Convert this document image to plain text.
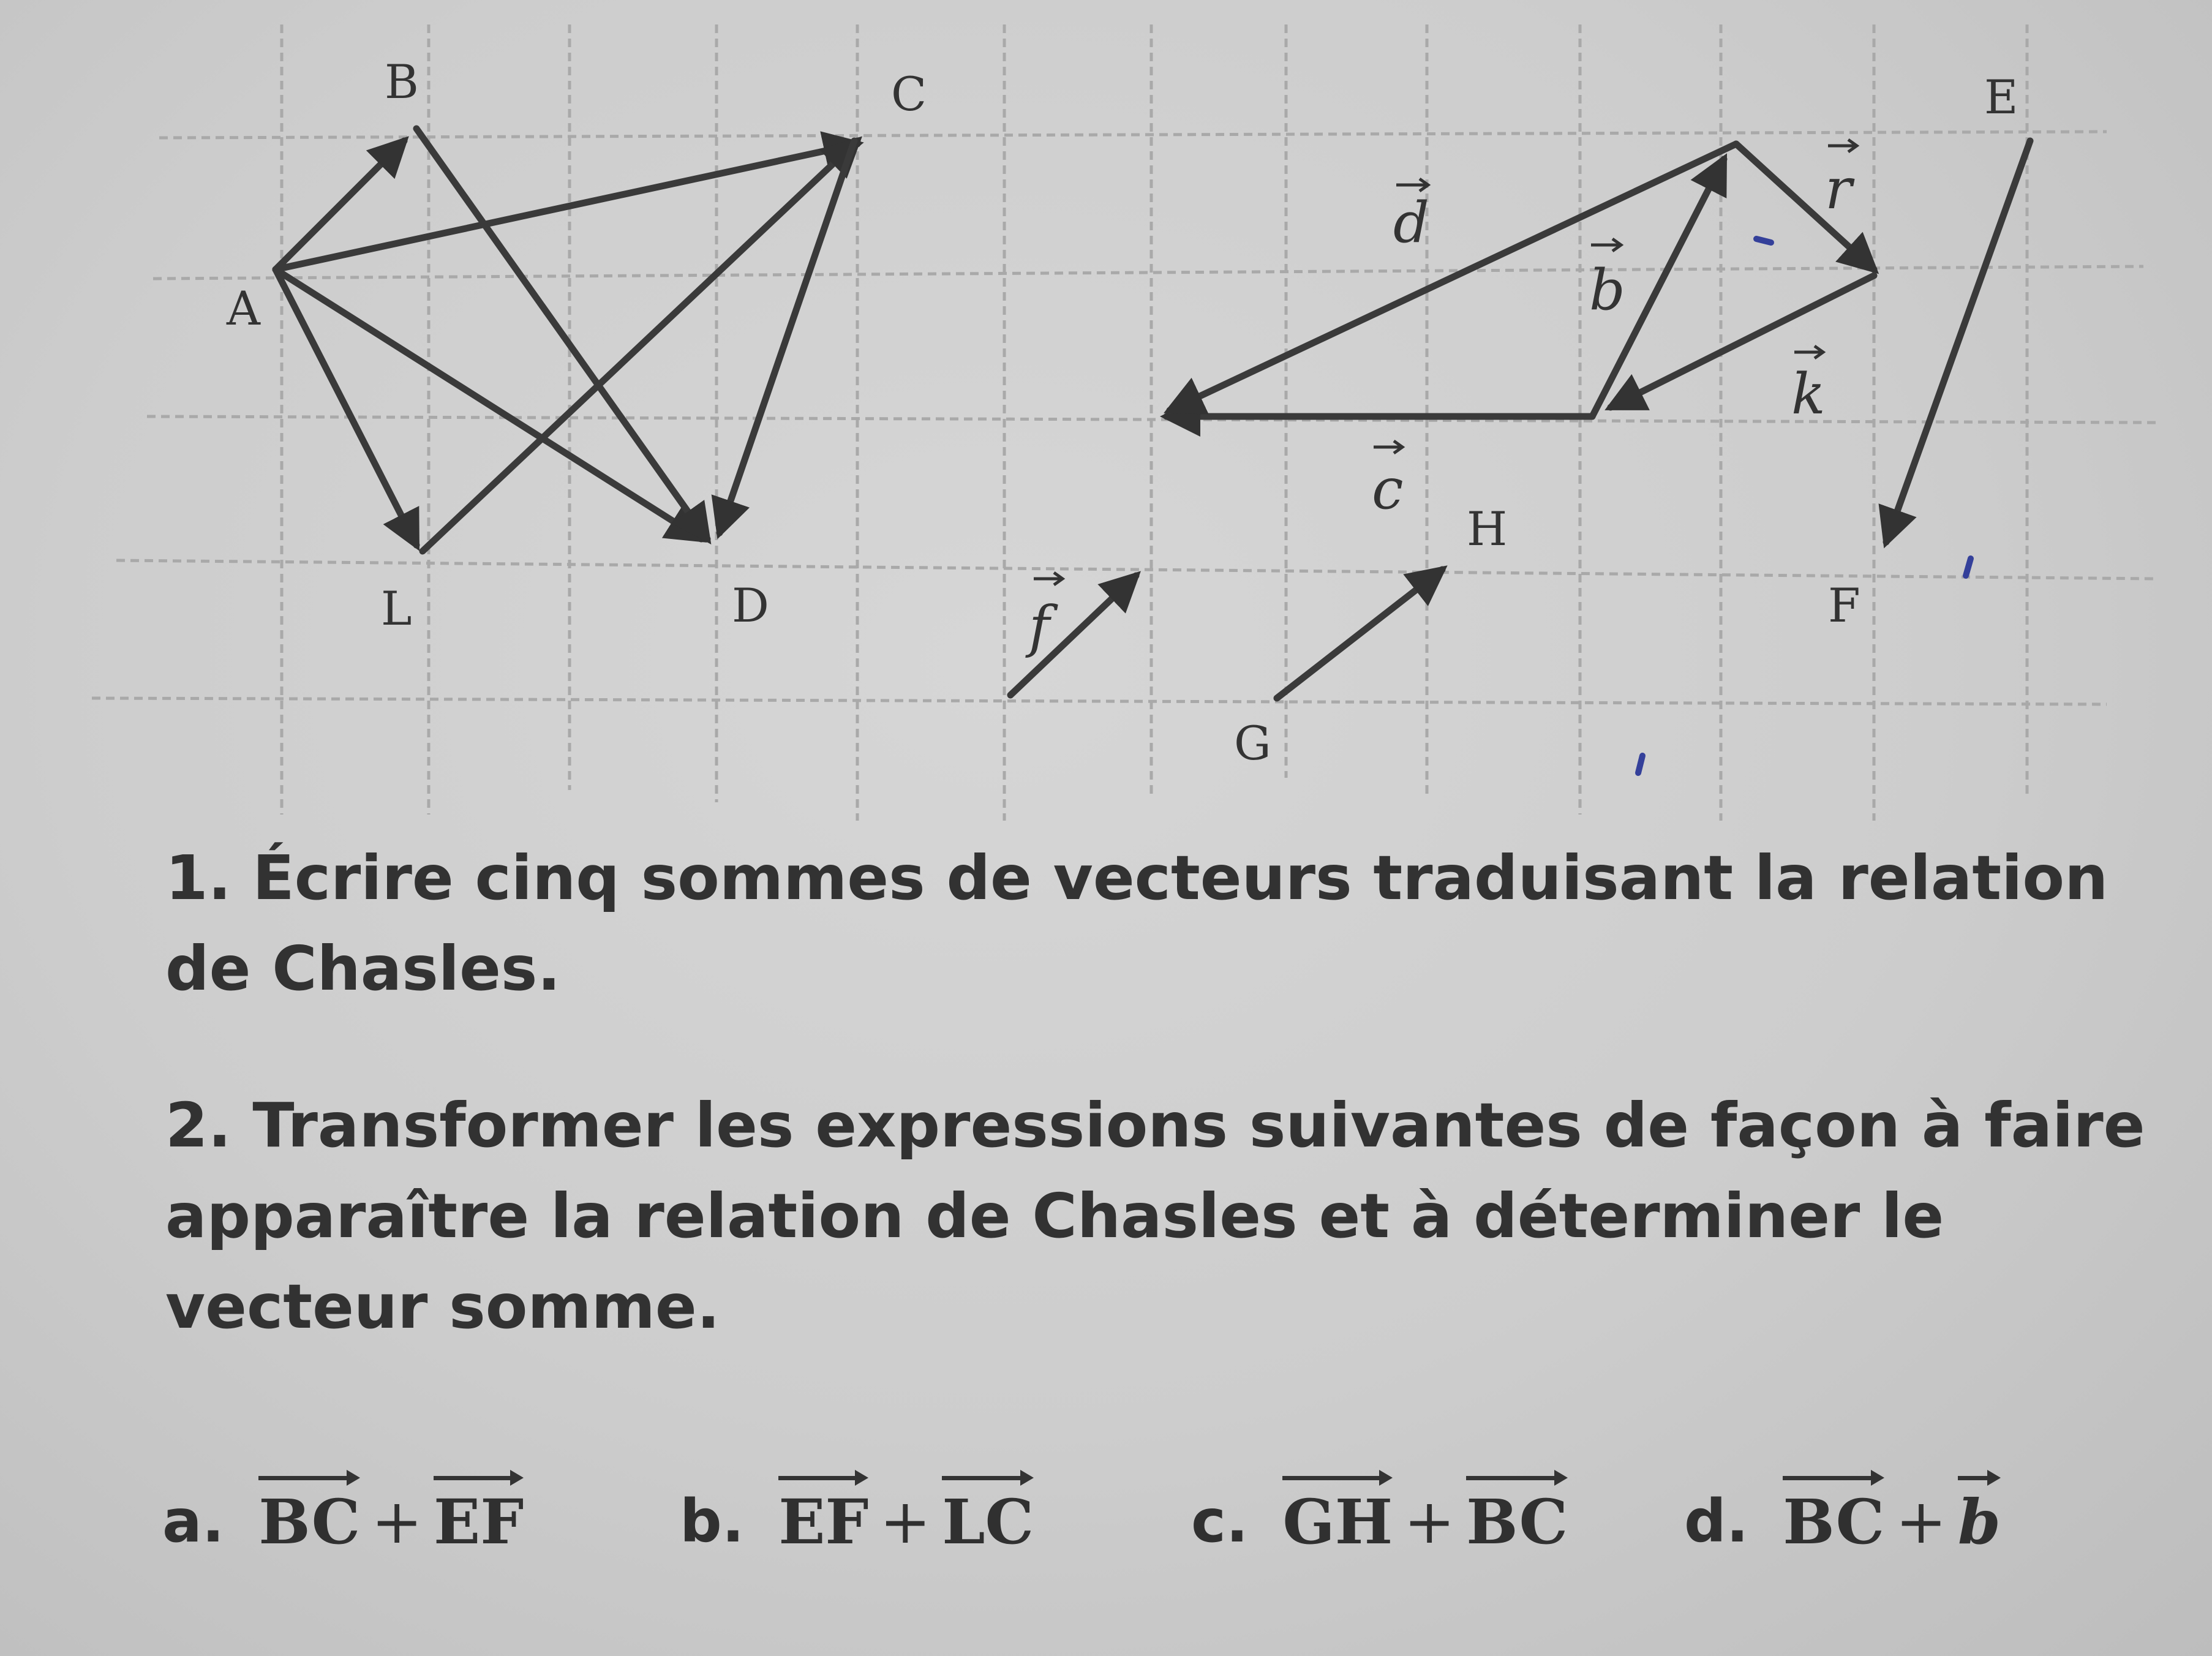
B	C
A
L	D
d
b
r
k
c
f
E
F
H
G

1. Écrire cinq sommes de vecteurs traduisant la relation de Chasles.

2. Transformer les expressions suivantes de façon à faire apparaître la relation de Chasles et à déterminer le vecteur somme.

a. BC + EF	b. EF + LC	c. GH + BC d. BC + b
